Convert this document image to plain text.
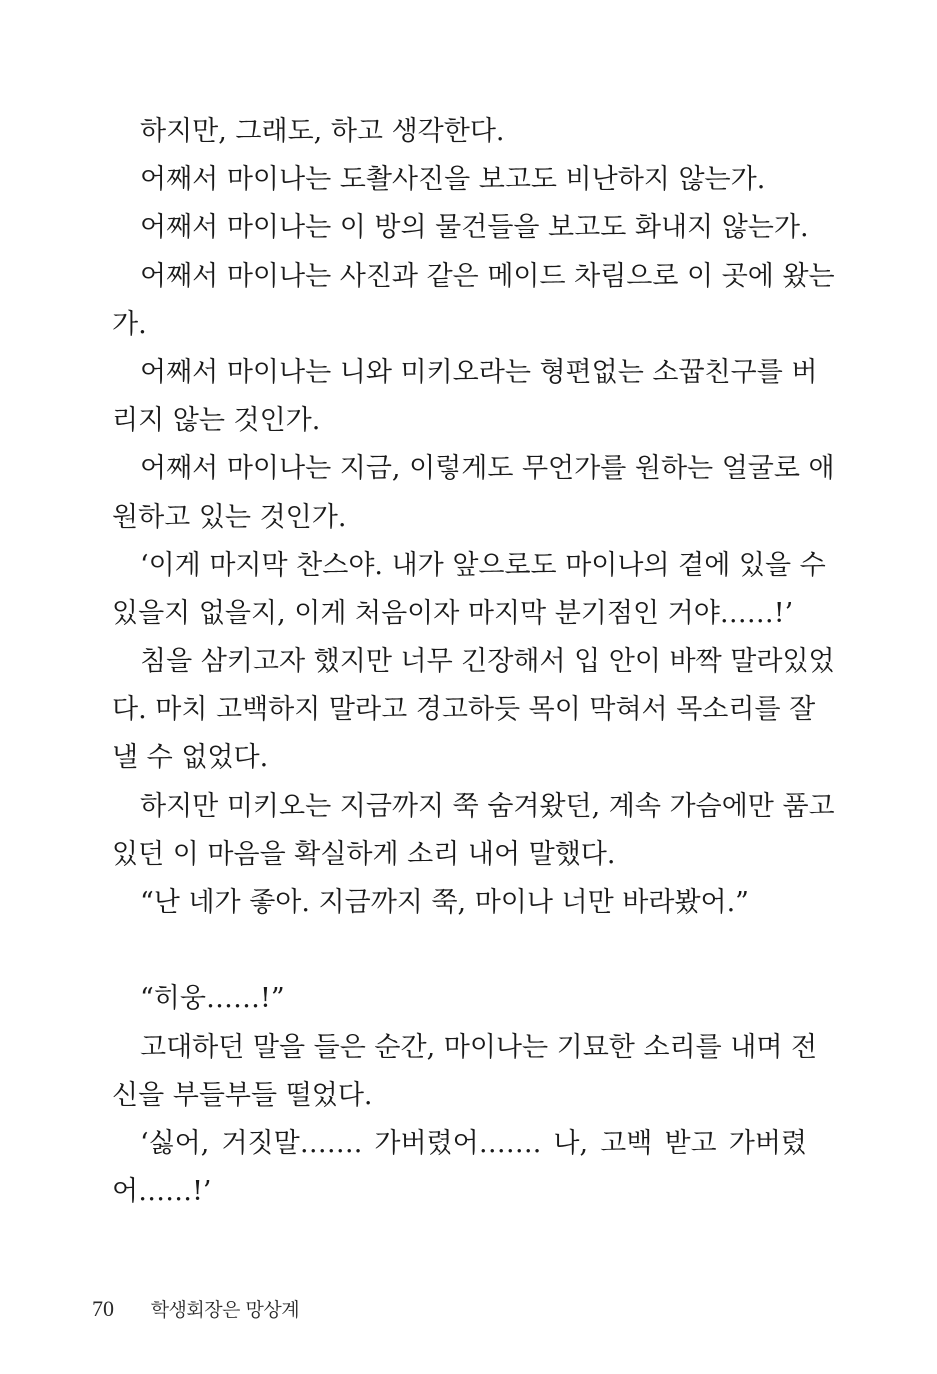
하지만, 그래도, 하고 생각한다.
어째서 마이나는 도촬사진을 보고도 비난하지 않는가.
어째서 마이나는 이 방의 물건들을 보고도 화내지 않는가.
어째서 마이나는 사진과 같은 메이드 차림으로 이 곳에 왔는
가.
어째서 마이나는 니와 미키오라는 형편없는 소꿉친구를 버
리지 않는 것인가.
어째서 마이나는 지금, 이렇게도 무언가를 원하는 얼굴로 애
원하고 있는 것인가.
‘이게 마지막 찬스야. 내가 앞으로도 마이나의 곁에 있을 수
있을지 없을지, 이게 처음이자 마지막 분기점인 거야……!’
침을 삼키고자 했지만 너무 긴장해서 입 안이 바짝 말라있었
다. 마치 고백하지 말라고 경고하듯 목이 막혀서 목소리를 잘
낼 수 없었다.
하지만 미키오는 지금까지 쭉 숨겨왔던, 계속 가슴에만 품고
있던 이 마음을 확실하게 소리 내어 말했다.
“난 네가 좋아. 지금까지 쭉, 마이나 너만 바라봤어.”
“히웅……!”
고대하던 말을 들은 순간, 마이나는 기묘한 소리를 내며 전
신을 부들부들 떨었다.
‘싫어, 거짓말……. 가버렸어……. 나, 고백 받고 가버렸
어……!’
70 학생회장은 망상계
